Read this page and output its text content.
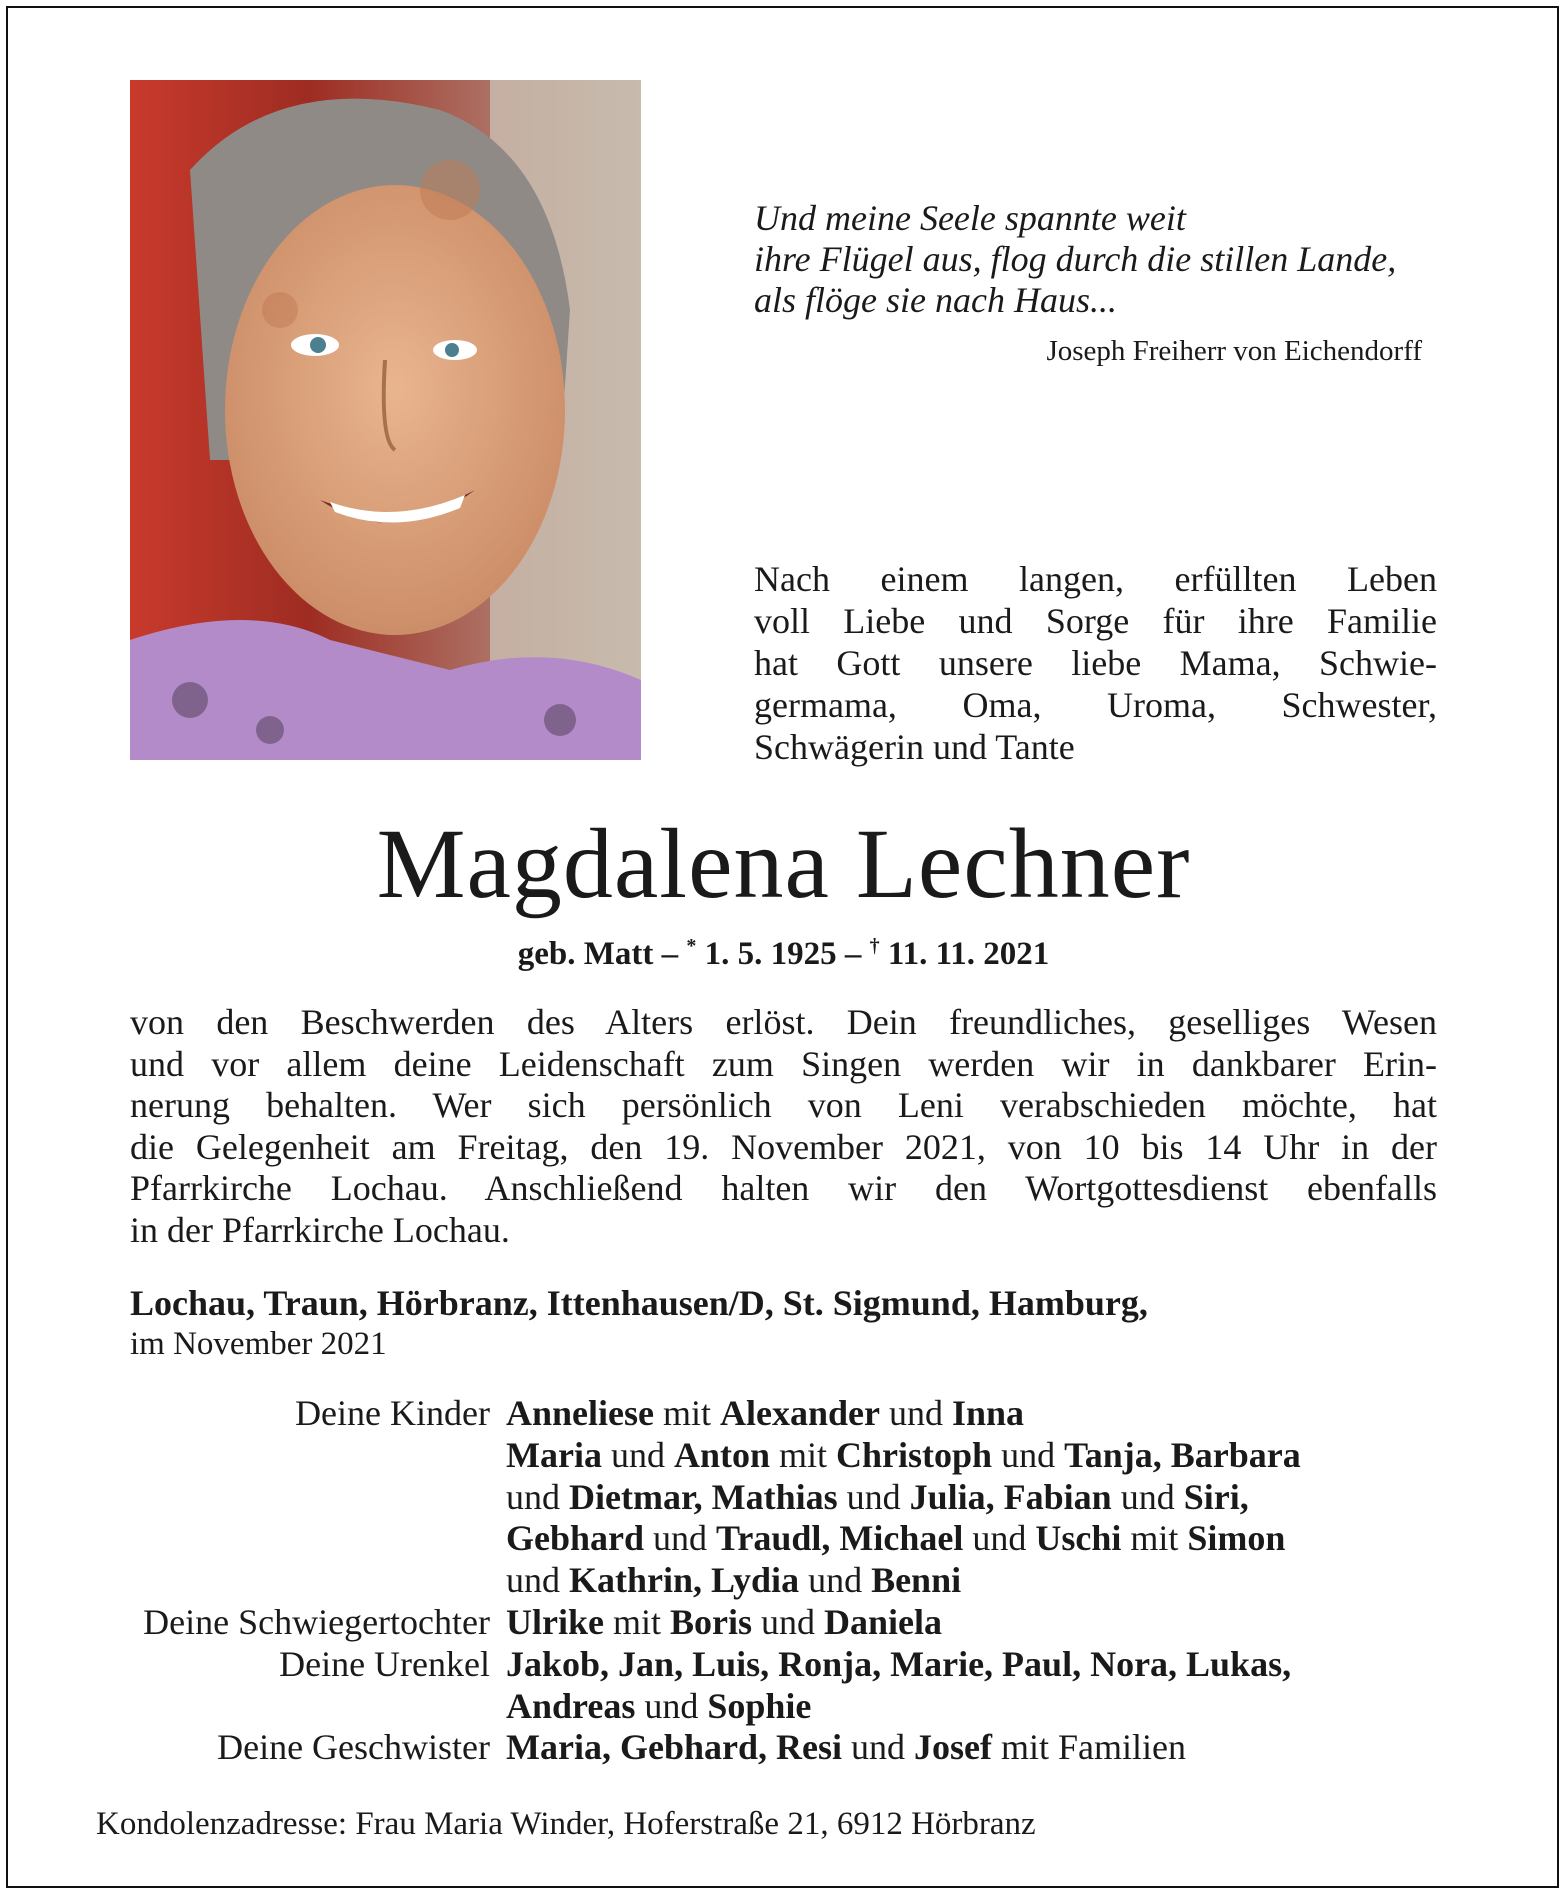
Und meine Seele spannte weit
ihre Flügel aus, flog durch die stillen Lande,
als flöge sie nach Haus...
Joseph Freiherr von Eichendorff
Nach einem langen, erfüllten Leben
voll Liebe und Sorge für ihre Familie
hat Gott unsere liebe Mama, Schwie-
germama, Oma, Uroma, Schwester,
Schwägerin und Tante
Magdalena Lechner
geb. Matt – * 1. 5. 1925 – † 11. 11. 2021
von den Beschwerden des Alters erlöst. Dein freundliches, geselliges Wesen
und vor allem deine Leidenschaft zum Singen werden wir in dankbarer Erin-
nerung behalten. Wer sich persönlich von Leni verabschieden möchte, hat
die Gelegenheit am Freitag, den 19. November 2021, von 10 bis 14 Uhr in der
Pfarrkirche Lochau. Anschließend halten wir den Wortgottesdienst ebenfalls
in der Pfarrkirche Lochau.
Lochau, Traun, Hörbranz, Ittenhausen/D, St. Sigmund, Hamburg,
im November 2021
Deine Kinder Anneliese mit Alexander und Inna
Maria und Anton mit Christoph und Tanja, Barbara
und Dietmar, Mathias und Julia, Fabian und Siri,
Gebhard und Traudl, Michael und Uschi mit Simon
und Kathrin, Lydia und Benni
Deine Schwiegertochter Ulrike mit Boris und Daniela
Deine Urenkel Jakob, Jan, Luis, Ronja, Marie, Paul, Nora, Lukas,
Andreas und Sophie
Deine Geschwister Maria, Gebhard, Resi und Josef mit Familien
Kondolenzadresse: Frau Maria Winder, Hoferstraße 21, 6912 Hörbranz
